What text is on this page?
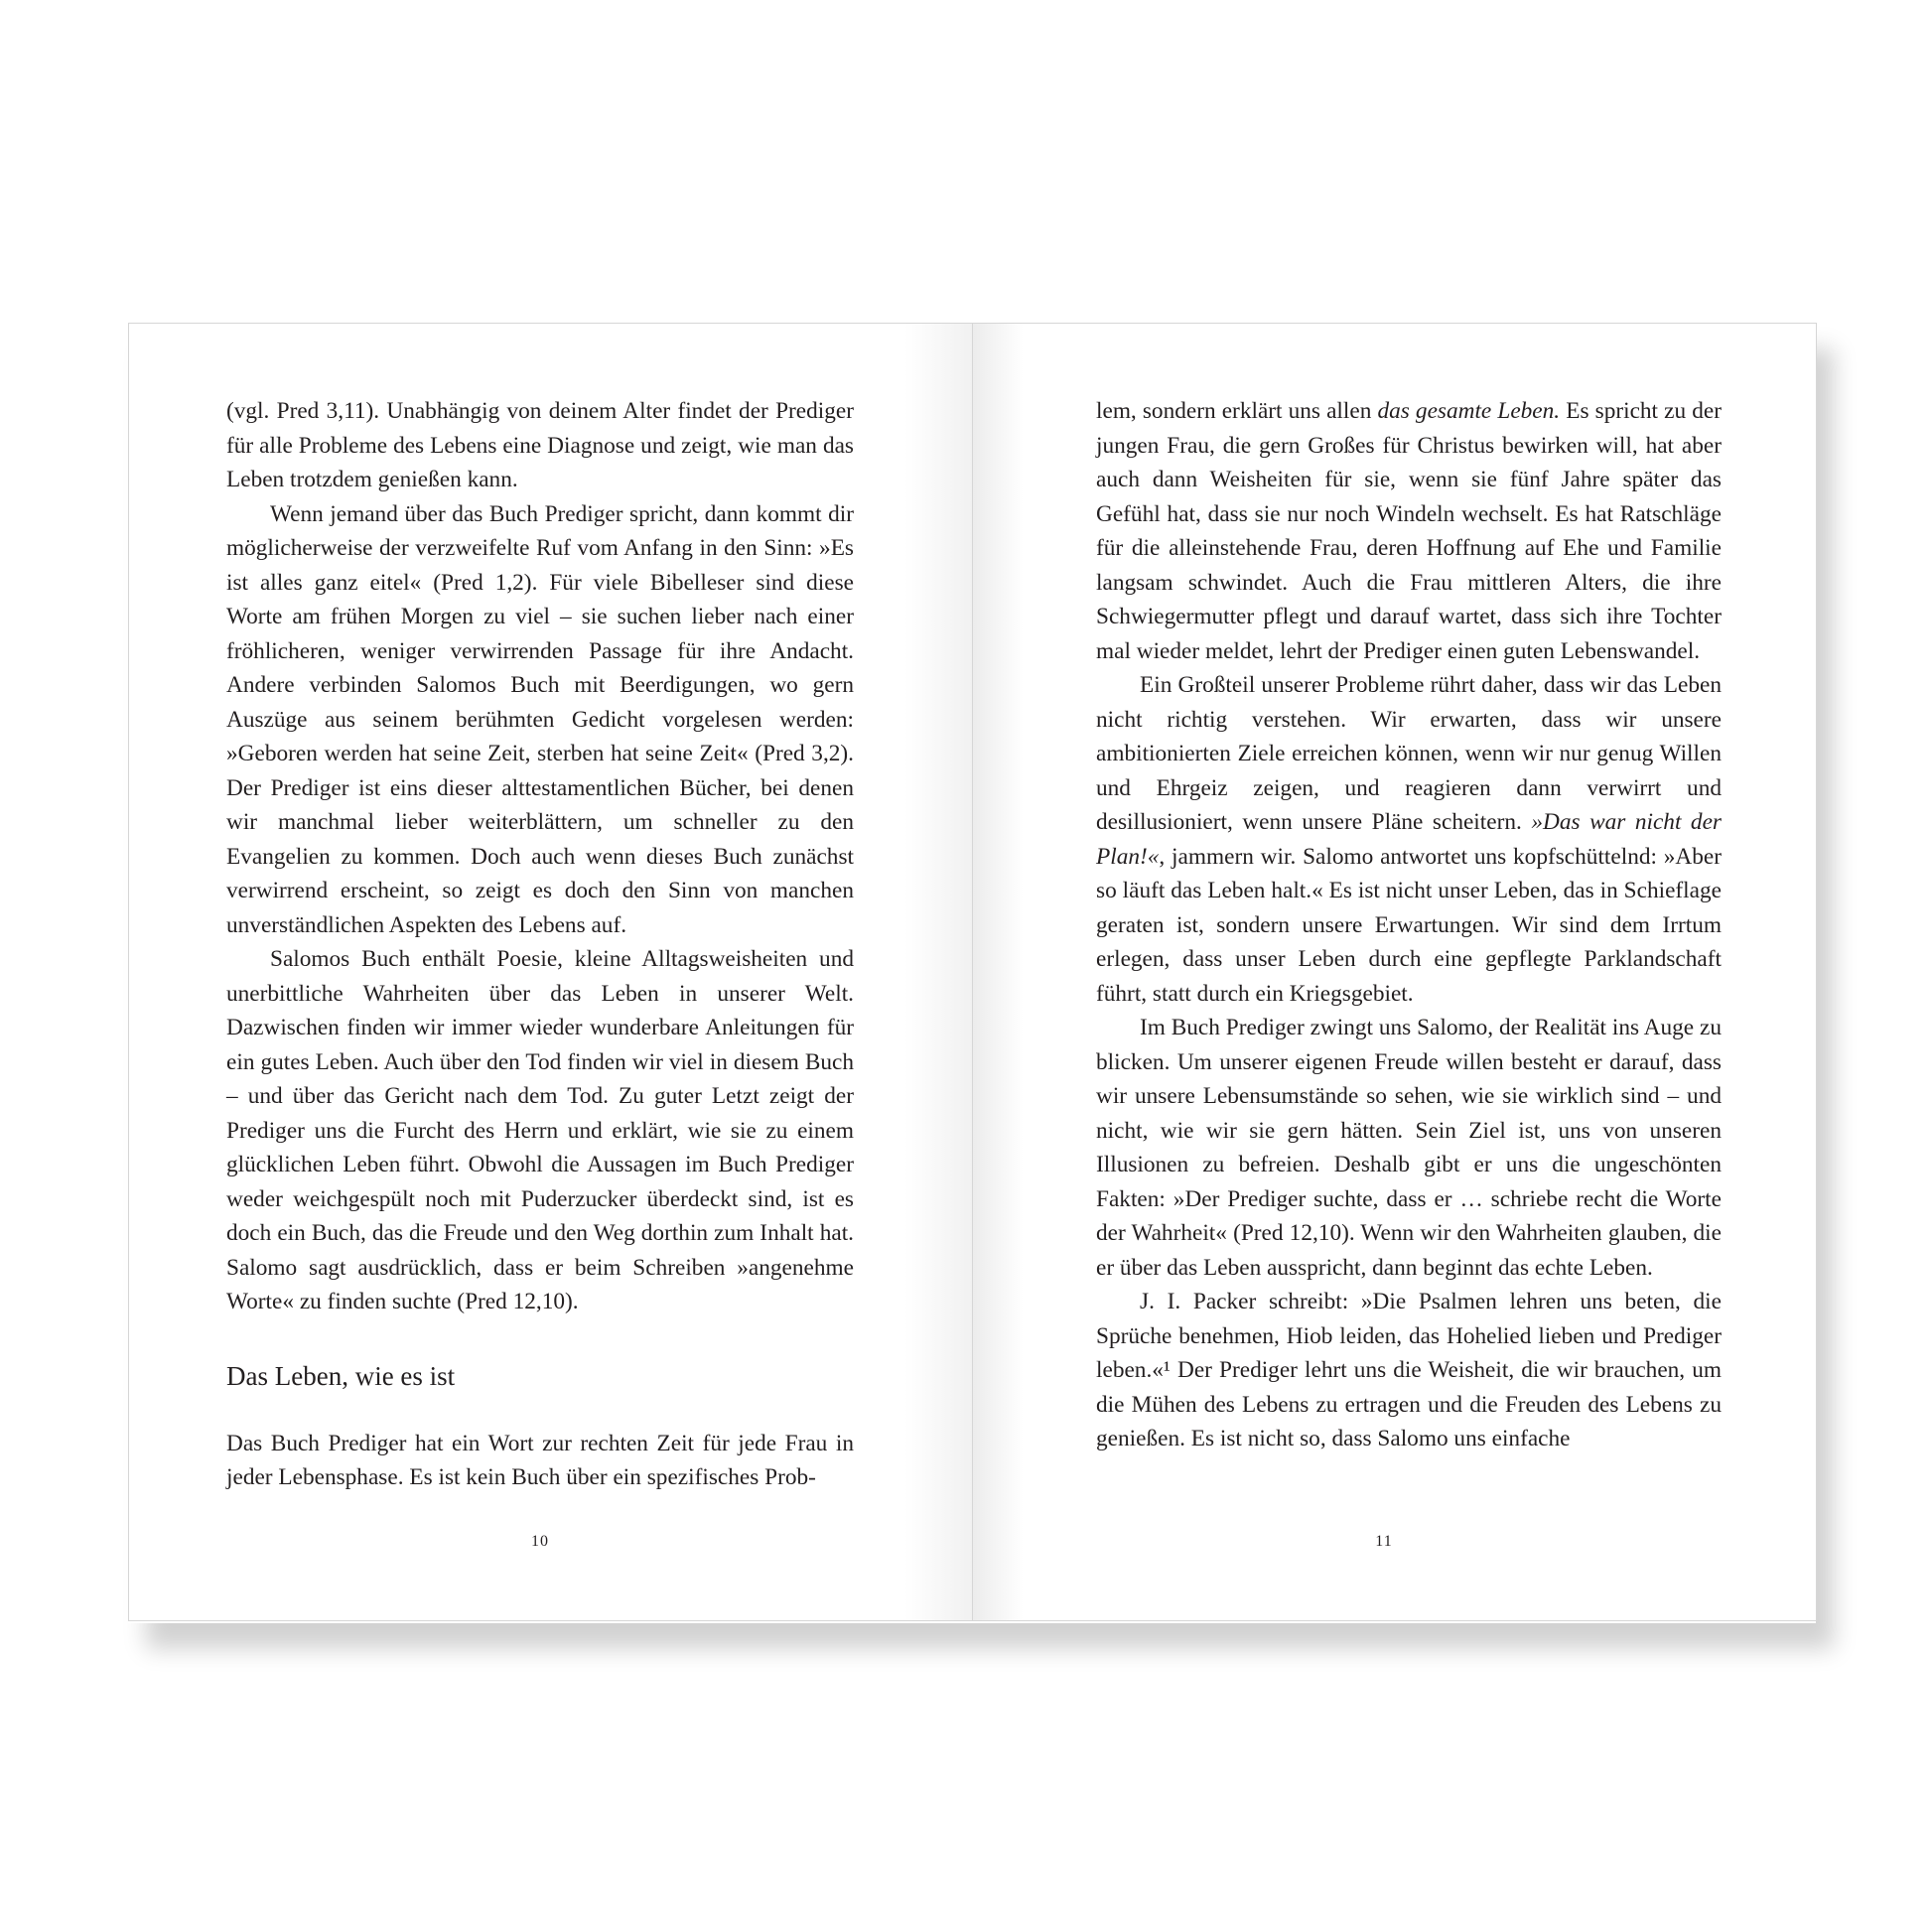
(vgl. Pred 3,11). Unabhängig von deinem Alter findet der Prediger für alle Probleme des Lebens eine Diagnose und zeigt, wie man das Leben trotzdem genießen kann.

Wenn jemand über das Buch Prediger spricht, dann kommt dir möglicherweise der verzweifelte Ruf vom Anfang in den Sinn: »Es ist alles ganz eitel« (Pred 1,2). Für viele Bibelleser sind diese Worte am frühen Morgen zu viel – sie suchen lieber nach einer fröhlicheren, weniger verwirrenden Passage für ihre Andacht. Andere verbinden Salomos Buch mit Beerdigungen, wo gern Auszüge aus seinem berühmten Gedicht vorgelesen werden: »Geboren werden hat seine Zeit, sterben hat seine Zeit« (Pred 3,2). Der Prediger ist eins dieser alttestamentlichen Bücher, bei denen wir manchmal lieber weiterblättern, um schneller zu den Evangelien zu kommen. Doch auch wenn dieses Buch zunächst verwirrend erscheint, so zeigt es doch den Sinn von manchen unverständlichen Aspekten des Lebens auf.

Salomos Buch enthält Poesie, kleine Alltagsweisheiten und unerbittliche Wahrheiten über das Leben in unserer Welt. Dazwischen finden wir immer wieder wunderbare Anleitungen für ein gutes Leben. Auch über den Tod finden wir viel in diesem Buch – und über das Gericht nach dem Tod. Zu guter Letzt zeigt der Prediger uns die Furcht des Herrn und erklärt, wie sie zu einem glücklichen Leben führt. Obwohl die Aussagen im Buch Prediger weder weichgespült noch mit Puderzucker überdeckt sind, ist es doch ein Buch, das die Freude und den Weg dorthin zum Inhalt hat. Salomo sagt ausdrücklich, dass er beim Schreiben »angenehme Worte« zu finden suchte (Pred 12,10).

Das Leben, wie es ist

Das Buch Prediger hat ein Wort zur rechten Zeit für jede Frau in jeder Lebensphase. Es ist kein Buch über ein spezifisches Prob-

10

lem, sondern erklärt uns allen das gesamte Leben. Es spricht zu der jungen Frau, die gern Großes für Christus bewirken will, hat aber auch dann Weisheiten für sie, wenn sie fünf Jahre später das Gefühl hat, dass sie nur noch Windeln wechselt. Es hat Ratschläge für die alleinstehende Frau, deren Hoffnung auf Ehe und Familie langsam schwindet. Auch die Frau mittleren Alters, die ihre Schwiegermutter pflegt und darauf wartet, dass sich ihre Tochter mal wieder meldet, lehrt der Prediger einen guten Lebenswandel.

Ein Großteil unserer Probleme rührt daher, dass wir das Leben nicht richtig verstehen. Wir erwarten, dass wir unsere ambitionierten Ziele erreichen können, wenn wir nur genug Willen und Ehrgeiz zeigen, und reagieren dann verwirrt und desillusioniert, wenn unsere Pläne scheitern. »Das war nicht der Plan!«, jammern wir. Salomo antwortet uns kopfschüttelnd: »Aber so läuft das Leben halt.« Es ist nicht unser Leben, das in Schieflage geraten ist, sondern unsere Erwartungen. Wir sind dem Irrtum erlegen, dass unser Leben durch eine gepflegte Parklandschaft führt, statt durch ein Kriegsgebiet.

Im Buch Prediger zwingt uns Salomo, der Realität ins Auge zu blicken. Um unserer eigenen Freude willen besteht er darauf, dass wir unsere Lebensumstände so sehen, wie sie wirklich sind – und nicht, wie wir sie gern hätten. Sein Ziel ist, uns von unseren Illusionen zu befreien. Deshalb gibt er uns die ungeschönten Fakten: »Der Prediger suchte, dass er … schriebe recht die Worte der Wahrheit« (Pred 12,10). Wenn wir den Wahrheiten glauben, die er über das Leben ausspricht, dann beginnt das echte Leben.

J. I. Packer schreibt: »Die Psalmen lehren uns beten, die Sprüche benehmen, Hiob leiden, das Hohelied lieben und Prediger leben.«¹ Der Prediger lehrt uns die Weisheit, die wir brauchen, um die Mühen des Lebens zu ertragen und die Freuden des Lebens zu genießen. Es ist nicht so, dass Salomo uns einfache

11
